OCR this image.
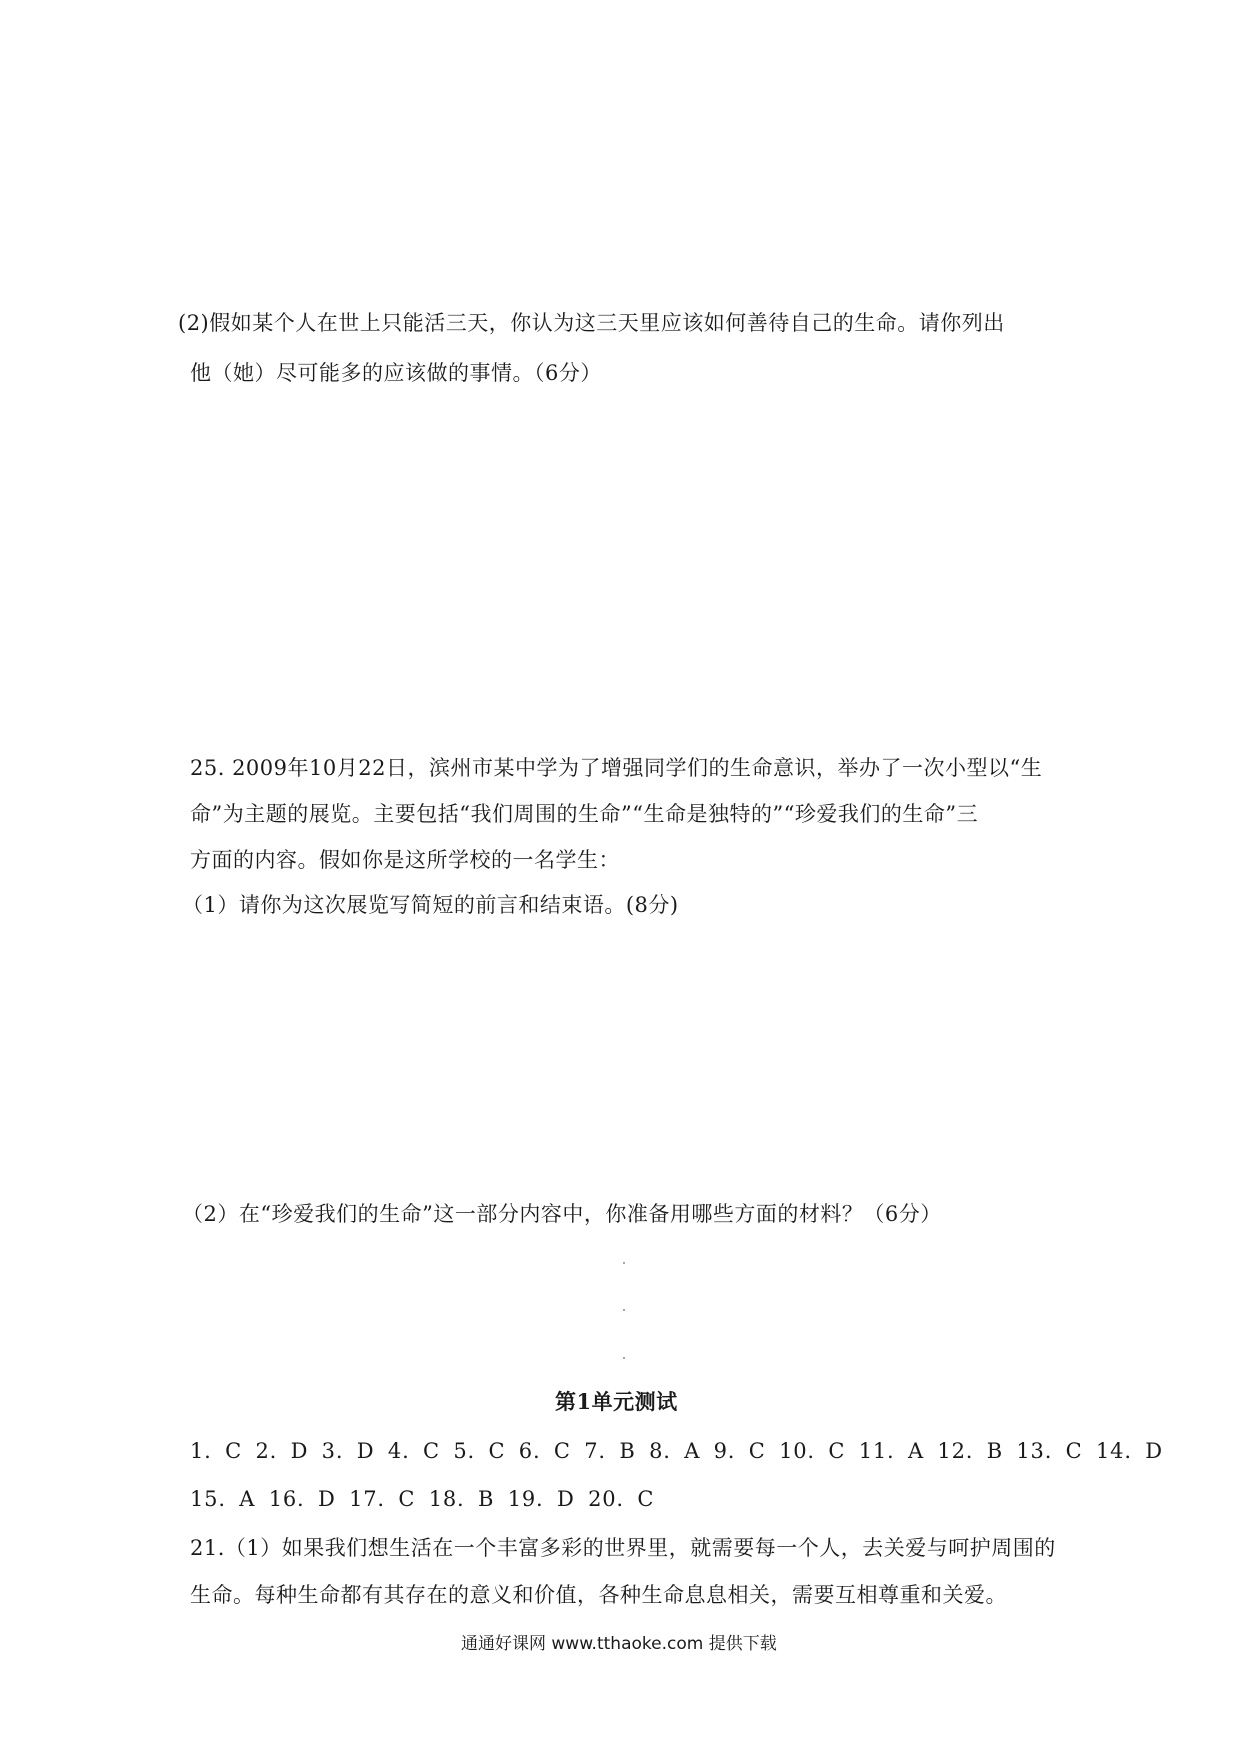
(2)假如某个人在世上只能活三天，你认为这三天里应该如何善待自己的生命。请你列出
他（她）尽可能多的应该做的事情。（6分）
25. 2009年10月22日，滨州市某中学为了增强同学们的生命意识，举办了一次小型以“生
命”为主题的展览。主要包括“我们周围的生命”“生命是独特的”“珍爱我们的生命”三
方面的内容。假如你是这所学校的一名学生：
（1）请你为这次展览写简短的前言和结束语。(8分)
（2）在“珍爱我们的生命”这一部分内容中，你准备用哪些方面的材料？（6分）
第1单元测试
1. C 2. D 3. D 4. C 5. C 6. C 7. B 8. A 9. C 10. C 11. A 12. B 13. C 14. D
15. A 16. D 17. C 18. B 19. D 20. C
21.（1）如果我们想生活在一个丰富多彩的世界里，就需要每一个人，去关爱与呵护周围的
生命。每种生命都有其存在的意义和价值，各种生命息息相关，需要互相尊重和关爱。
通通好课网 www.tthaoke.com 提供下载
